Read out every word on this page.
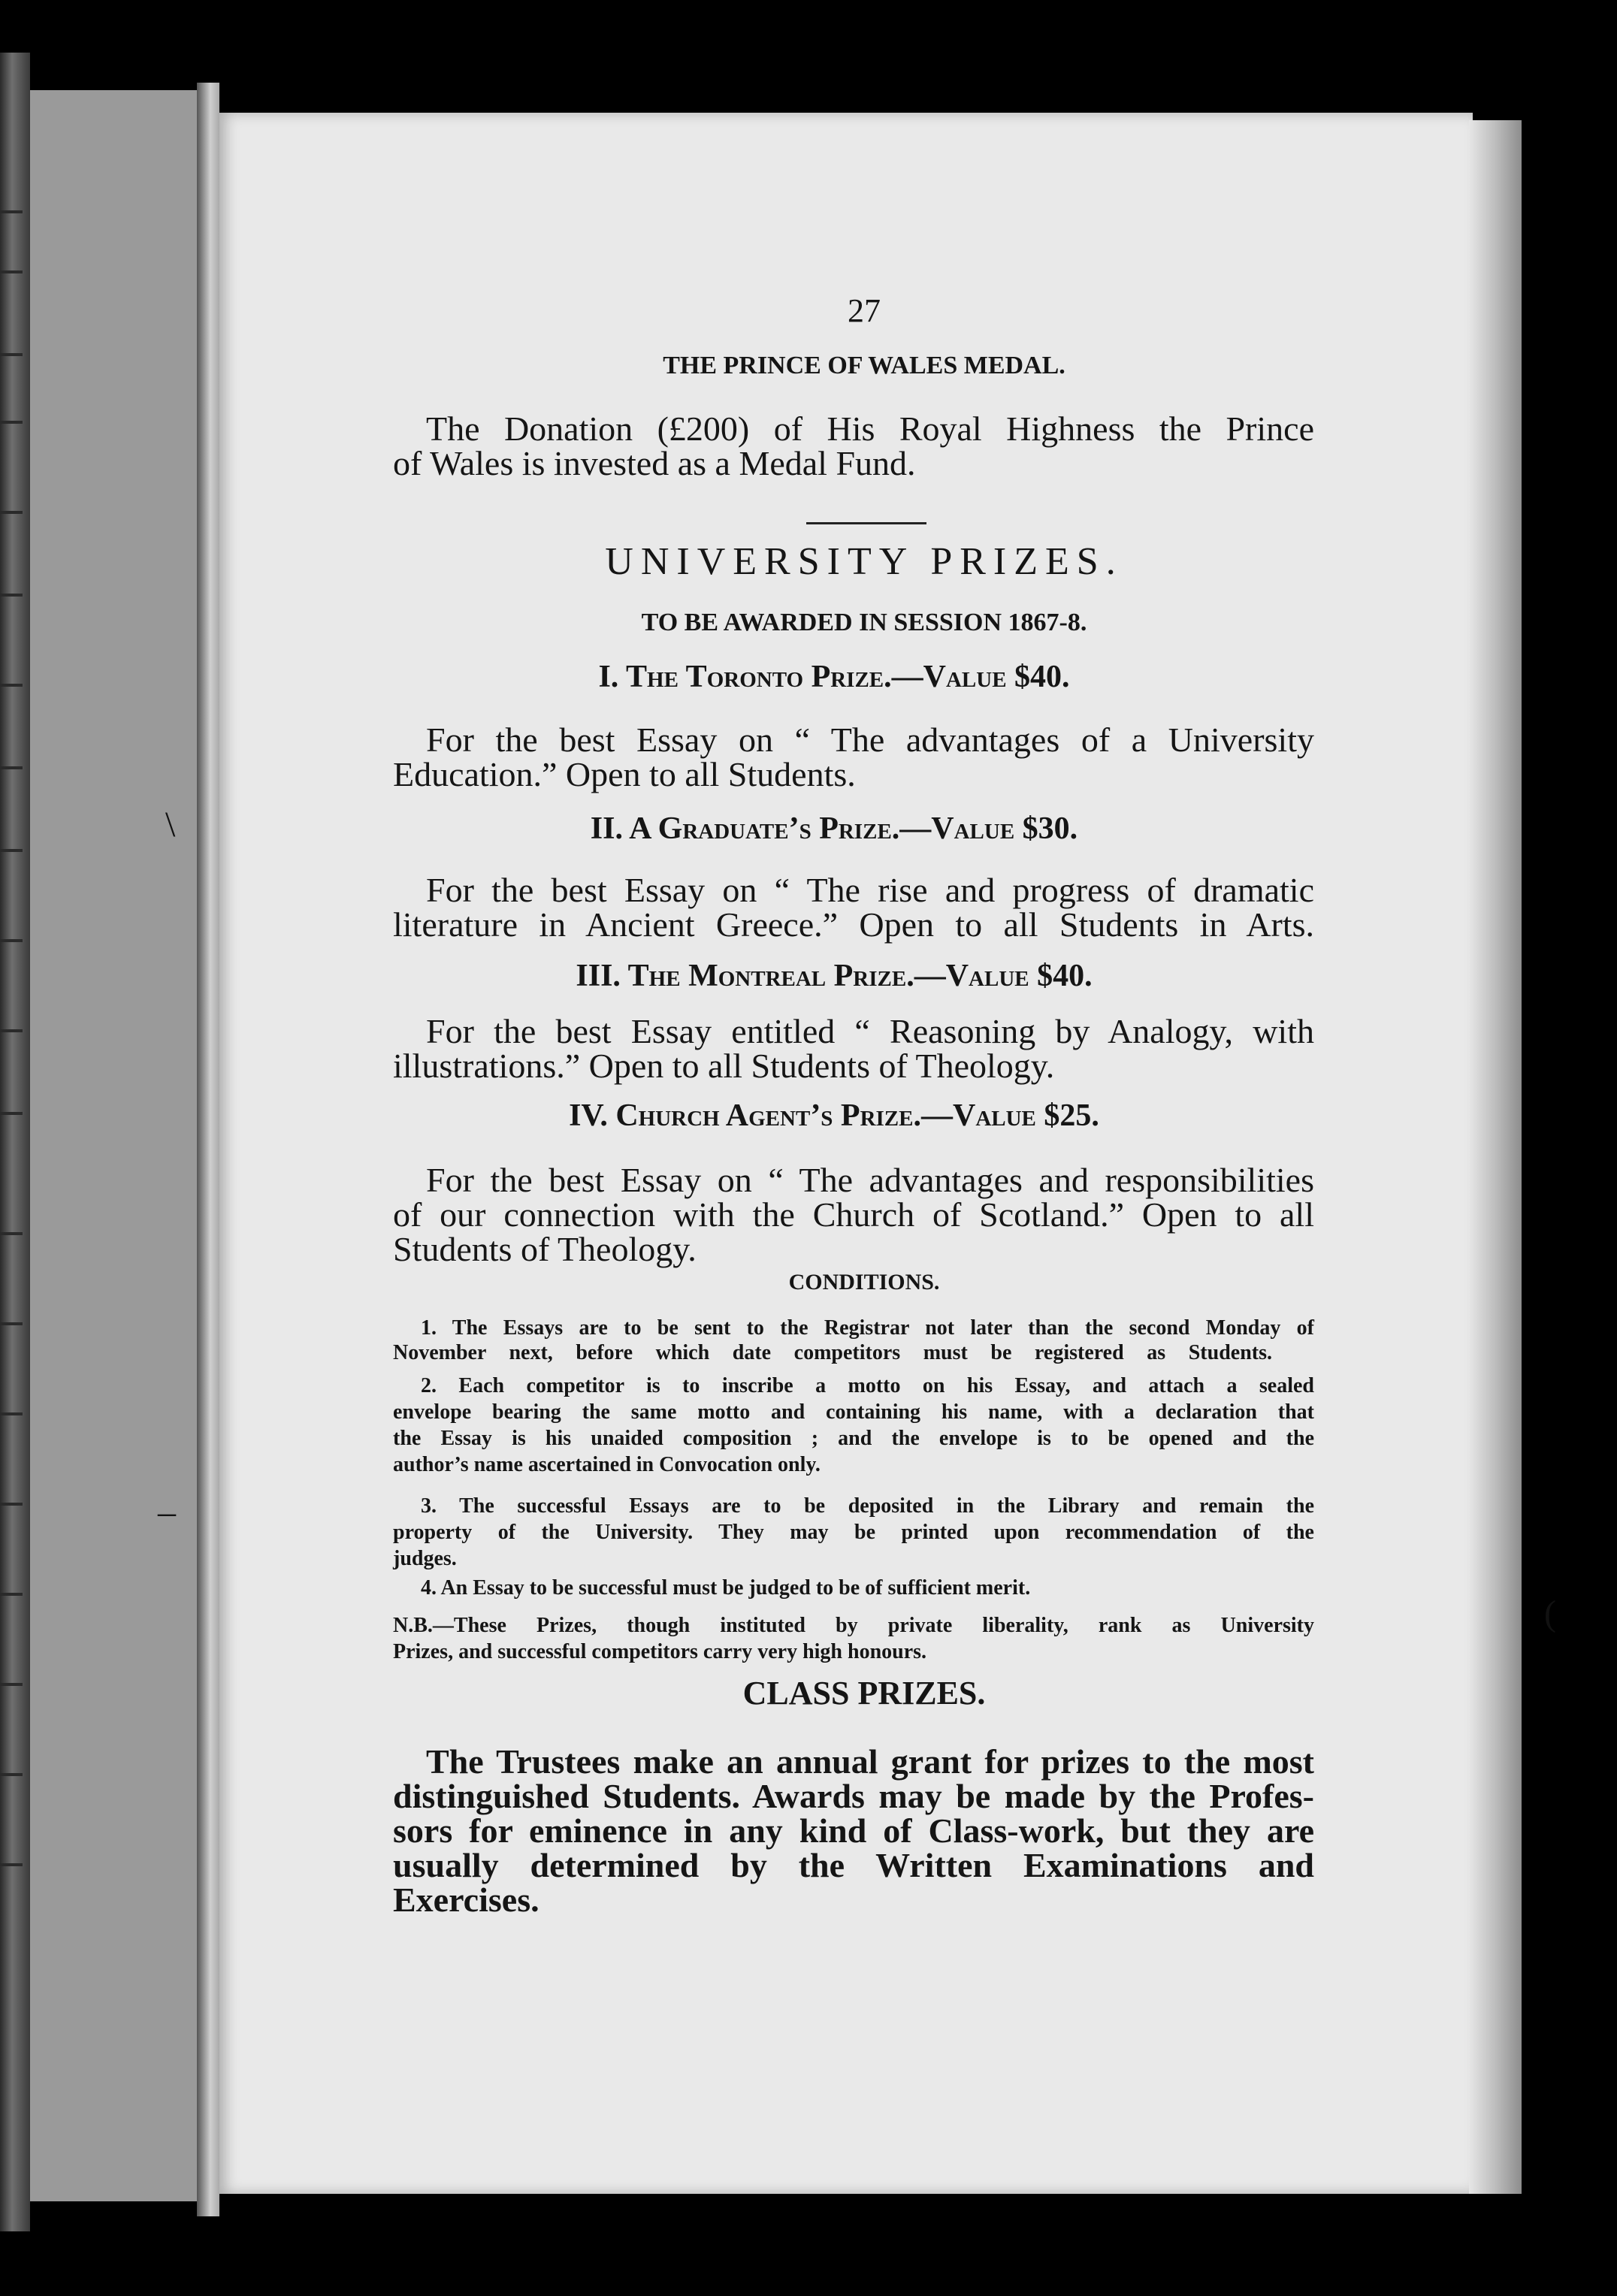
\
–
(

27

THE PRINCE OF WALES MEDAL.

The Donation (£200) of His Royal Highness the Prince

of Wales is invested as a Medal Fund.

UNIVERSITY PRIZES.

TO BE AWARDED IN SESSION 1867-8.

I. The Toronto Prize.—Value $40.

For the best Essay on “ The advantages of a University

Education.” Open to all Students.

II. A Graduate’s Prize.—Value $30.

For the best Essay on “ The rise and progress of dramatic

literature in Ancient Greece.” Open to all Students in Arts.

III. The Montreal Prize.—Value $40.

For the best Essay entitled “ Reasoning by Analogy, with

illustrations.” Open to all Students of Theology.

IV. Church Agent’s Prize.—Value $25.

For the best Essay on “ The advantages and responsibilities

of our connection with the Church of Scotland.” Open to all

Students of Theology.

CONDITIONS.

1. The Essays are to be sent to the Registrar not later than the second Monday of

November next, before which date competitors must be registered as Students.

2. Each competitor is to inscribe a motto on his Essay, and attach a sealed

envelope bearing the same motto and containing his name, with a declaration that

the Essay is his unaided composition ; and the envelope is to be opened and the

author’s name ascertained in Convocation only.

3. The successful Essays are to be deposited in the Library and remain the

property of the University. They may be printed upon recommendation of the

judges.

4. An Essay to be successful must be judged to be of sufficient merit.

N.B.—These Prizes, though instituted by private liberality, rank as University

Prizes, and successful competitors carry very high honours.

CLASS PRIZES.

The Trustees make an annual grant for prizes to the most

distinguished Students. Awards may be made by the Profes-

sors for eminence in any kind of Class-work, but they are

usually determined by the Written Examinations and

Exercises.
